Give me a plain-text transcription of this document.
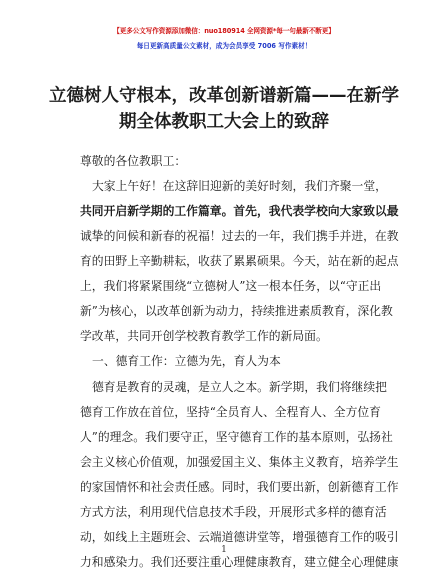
【更多公文写作资源添加微信：nuo180914 全网资源*每一句最新不断更】
每日更新高质量公文素材，成为会员享受 7006 写作素材！
立德树人守根本，改革创新谱新篇——在新学
期全体教职工大会上的致辞
尊敬的各位教职工：
大家上午好！在这辞旧迎新的美好时刻，我们齐聚一堂，
共同开启新学期的工作篇章。首先，我代表学校向大家致以最
诚挚的问候和新春的祝福！过去的一年，我们携手并进，在教
育的田野上辛勤耕耘，收获了累累硕果。今天，站在新的起点
上，我们将紧紧围绕“立德树人”这一根本任务，以“守正出
新”为核心，以改革创新为动力，持续推进素质教育，深化教
学改革，共同开创学校教育教学工作的新局面。
一、德育工作：立德为先，育人为本
德育是教育的灵魂，是立人之本。新学期，我们将继续把
德育工作放在首位，坚持“全员育人、全程育人、全方位育
人”的理念。我们要守正，坚守德育工作的基本原则，弘扬社
会主义核心价值观，加强爱国主义、集体主义教育，培养学生
的家国情怀和社会责任感。同时，我们要出新，创新德育工作
方式方法，利用现代信息技术手段，开展形式多样的德育活
动，如线上主题班会、云端道德讲堂等，增强德育工作的吸引
力和感染力。我们还要注重心理健康教育，建立健全心理健康
1
